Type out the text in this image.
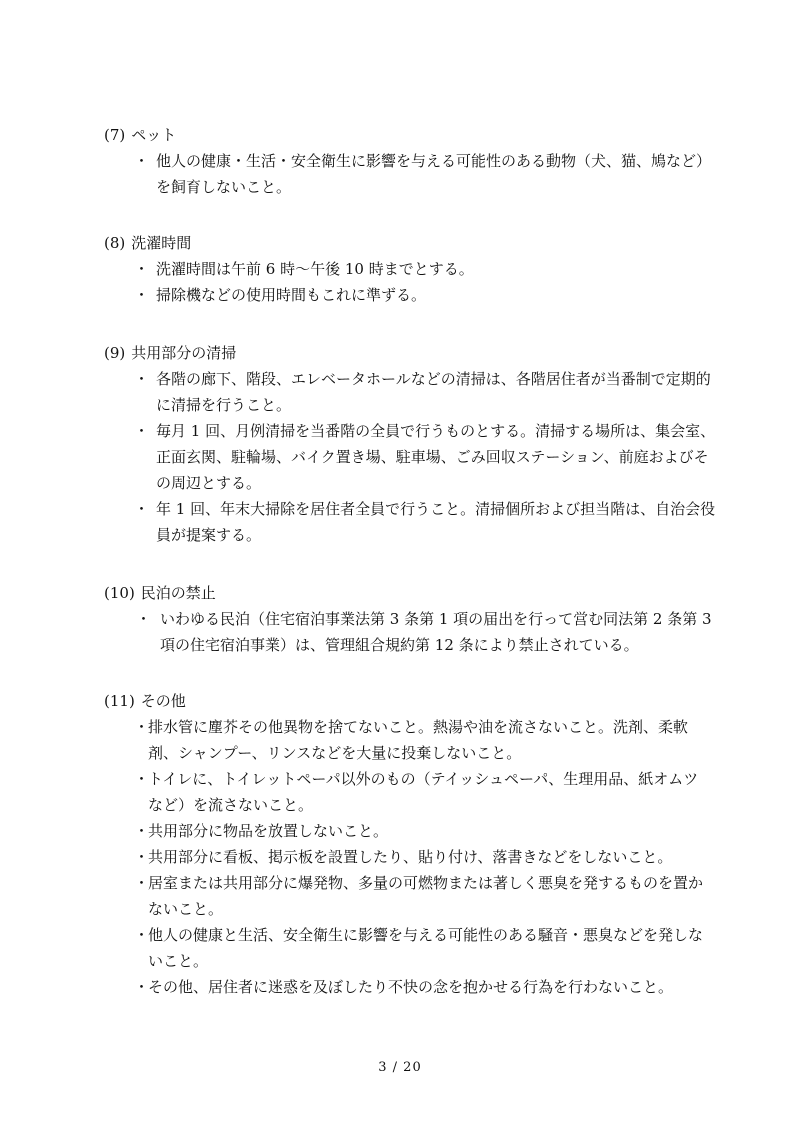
(7) ペット
・ 他人の健康・生活・安全衛生に影響を与える可能性のある動物（犬、猫、鳩など）を飼育しないこと。
(8) 洗濯時間
・ 洗濯時間は午前 6 時〜午後 10 時までとする。
・ 掃除機などの使用時間もこれに準ずる。
(9) 共用部分の清掃
・ 各階の廊下、階段、エレベータホールなどの清掃は、各階居住者が当番制で定期的に清掃を行うこと。
・ 毎月 1 回、月例清掃を当番階の全員で行うものとする。清掃する場所は、集会室、正面玄関、駐輪場、バイク置き場、駐車場、ごみ回収ステーション、前庭およびその周辺とする。
・ 年 1 回、年末大掃除を居住者全員で行うこと。清掃個所および担当階は、自治会役員が提案する。
(10) 民泊の禁止
・ いわゆる民泊（住宅宿泊事業法第 3 条第 1 項の届出を行って営む同法第 2 条第 3 項の住宅宿泊事業）は、管理組合規約第 12 条により禁止されている。
(11) その他
・
排水管に塵芥その他異物を捨てないこと。熱湯や油を流さないこと。洗剤、柔軟剤、シャンプー、リンスなどを大量に投棄しないこと。
・
トイレに、トイレットペーパ以外のもの（テイッシュペーパ、生理用品、紙オムツなど）を流さないこと。
・
共用部分に物品を放置しないこと。
・
共用部分に看板、掲示板を設置したり、貼り付け、落書きなどをしないこと。
・
居室または共用部分に爆発物、多量の可燃物または著しく悪臭を発するものを置かないこと。
・
他人の健康と生活、安全衛生に影響を与える可能性のある騒音・悪臭などを発しないこと。
・
その他、居住者に迷惑を及ぼしたり不快の念を抱かせる行為を行わないこと。
3 / 20
